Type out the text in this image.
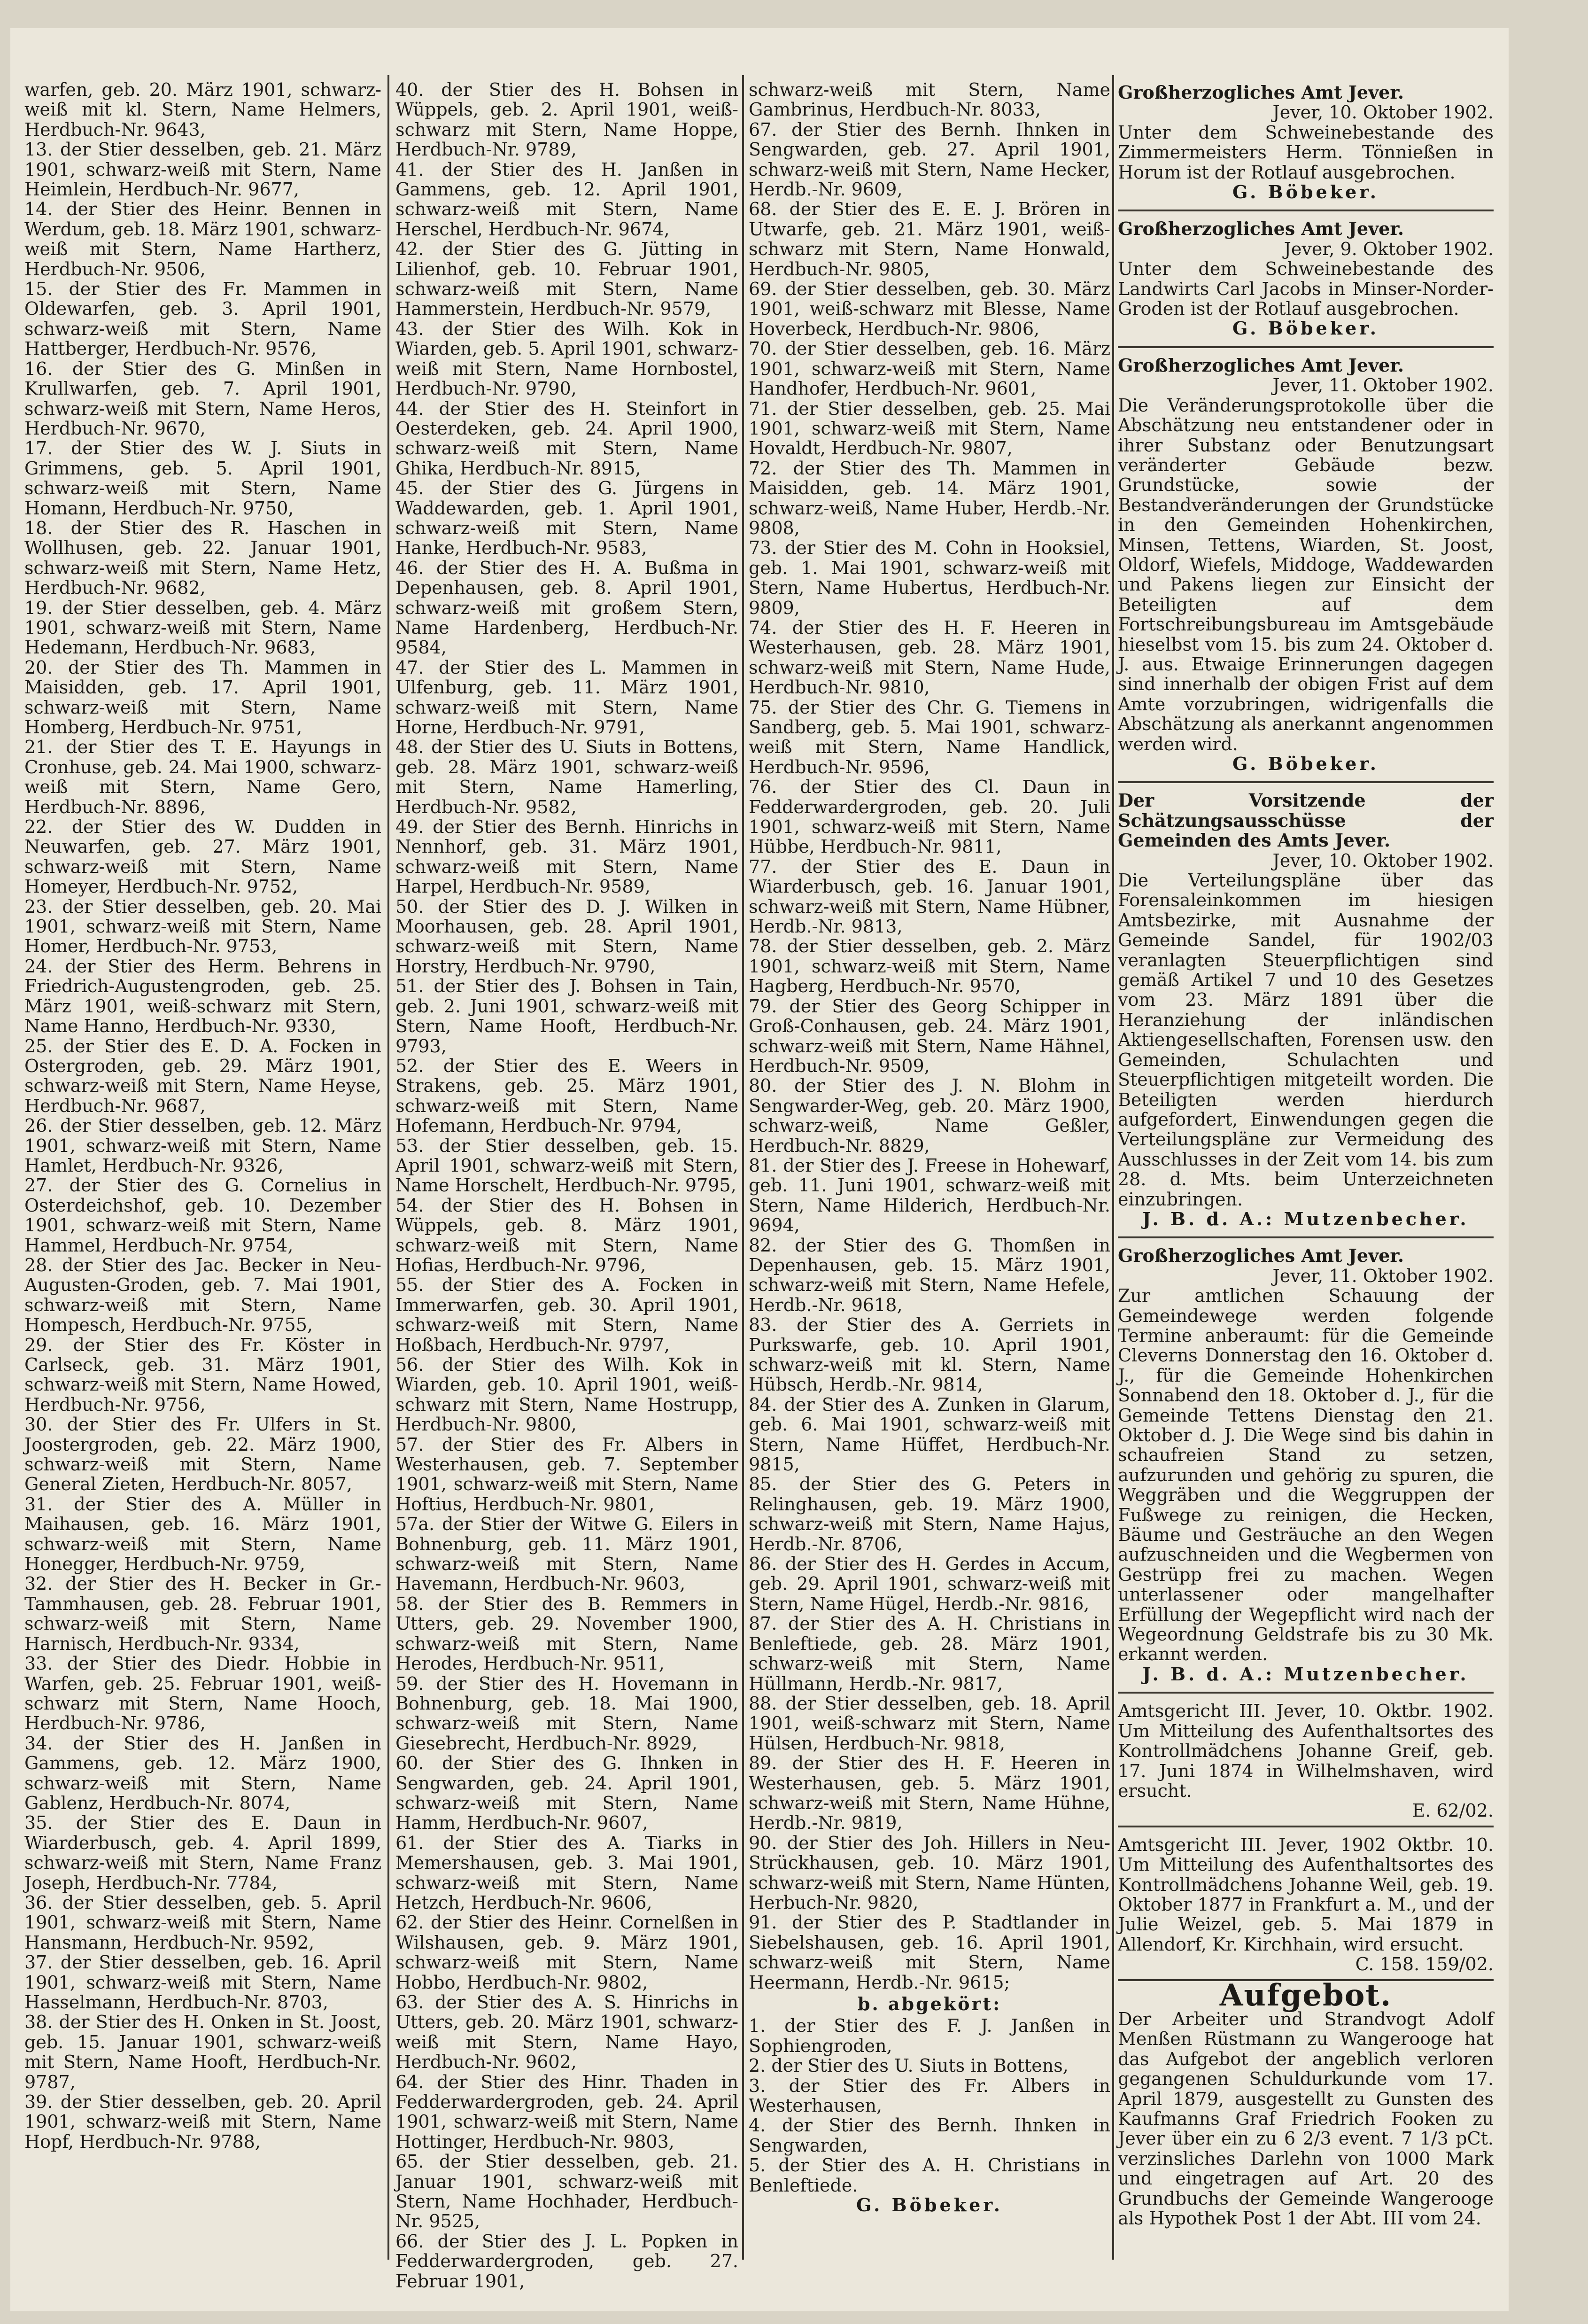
warfen, geb. 20. März 1901, schwarz-weiß mit kl. Stern, Name Helmers, Herdbuch-Nr. 9643,

13. der Stier desselben, geb. 21. März 1901, schwarz-weiß mit Stern, Name Heimlein, Herdbuch-Nr. 9677,

14. der Stier des Heinr. Bennen in Werdum, geb. 18. März 1901, schwarz-weiß mit Stern, Name Hartherz, Herdbuch-Nr. 9506,

15. der Stier des Fr. Mammen in Oldewarfen, geb. 3. April 1901, schwarz-weiß mit Stern, Name Hattberger, Herdbuch-Nr. 9576,

16. der Stier des G. Minßen in Krullwarfen, geb. 7. April 1901, schwarz-weiß mit Stern, Name Heros, Herdbuch-Nr. 9670,

17. der Stier des W. J. Siuts in Grimmens, geb. 5. April 1901, schwarz-weiß mit Stern, Name Homann, Herdbuch-Nr. 9750,

18. der Stier des R. Haschen in Wollhusen, geb. 22. Januar 1901, schwarz-weiß mit Stern, Name Hetz, Herdbuch-Nr. 9682,

19. der Stier desselben, geb. 4. März 1901, schwarz-weiß mit Stern, Name Hedemann, Herdbuch-Nr. 9683,

20. der Stier des Th. Mammen in Maisidden, geb. 17. April 1901, schwarz-weiß mit Stern, Name Homberg, Herdbuch-Nr. 9751,

21. der Stier des T. E. Hayungs in Cronhuse, geb. 24. Mai 1900, schwarz-weiß mit Stern, Name Gero, Herdbuch-Nr. 8896,

22. der Stier des W. Dudden in Neuwarfen, geb. 27. März 1901, schwarz-weiß mit Stern, Name Homeyer, Herdbuch-Nr. 9752,

23. der Stier desselben, geb. 20. Mai 1901, schwarz-weiß mit Stern, Name Homer, Herdbuch-Nr. 9753,

24. der Stier des Herm. Behrens in Friedrich-Augustengroden, geb. 25. März 1901, weiß-schwarz mit Stern, Name Hanno, Herdbuch-Nr. 9330,

25. der Stier des E. D. A. Focken in Ostergroden, geb. 29. März 1901, schwarz-weiß mit Stern, Name Heyse, Herdbuch-Nr. 9687,

26. der Stier desselben, geb. 12. März 1901, schwarz-weiß mit Stern, Name Hamlet, Herdbuch-Nr. 9326,

27. der Stier des G. Cornelius in Osterdeichshof, geb. 10. Dezember 1901, schwarz-weiß mit Stern, Name Hammel, Herdbuch-Nr. 9754,

28. der Stier des Jac. Becker in Neu-Augusten-Groden, geb. 7. Mai 1901, schwarz-weiß mit Stern, Name Hompesch, Herdbuch-Nr. 9755,

29. der Stier des Fr. Köster in Carlseck, geb. 31. März 1901, schwarz-weiß mit Stern, Name Howed, Herdbuch-Nr. 9756,

30. der Stier des Fr. Ulfers in St. Joostergroden, geb. 22. März 1900, schwarz-weiß mit Stern, Name General Zieten, Herdbuch-Nr. 8057,

31. der Stier des A. Müller in Maihausen, geb. 16. März 1901, schwarz-weiß mit Stern, Name Honegger, Herdbuch-Nr. 9759,

32. der Stier des H. Becker in Gr.-Tammhausen, geb. 28. Februar 1901, schwarz-weiß mit Stern, Name Harnisch, Herdbuch-Nr. 9334,

33. der Stier des Diedr. Hobbie in Warfen, geb. 25. Februar 1901, weiß-schwarz mit Stern, Name Hooch, Herdbuch-Nr. 9786,

34. der Stier des H. Janßen in Gammens, geb. 12. März 1900, schwarz-weiß mit Stern, Name Gablenz, Herdbuch-Nr. 8074,

35. der Stier des E. Daun in Wiarderbusch, geb. 4. April 1899, schwarz-weiß mit Stern, Name Franz Joseph, Herdbuch-Nr. 7784,

36. der Stier desselben, geb. 5. April 1901, schwarz-weiß mit Stern, Name Hansmann, Herdbuch-Nr. 9592,

37. der Stier desselben, geb. 16. April 1901, schwarz-weiß mit Stern, Name Hasselmann, Herdbuch-Nr. 8703,

38. der Stier des H. Onken in St. Joost, geb. 15. Januar 1901, schwarz-weiß mit Stern, Name Hooft, Herdbuch-Nr. 9787,

39. der Stier desselben, geb. 20. April 1901, schwarz-weiß mit Stern, Name Hopf, Herdbuch-Nr. 9788,

40. der Stier des H. Bohsen in Wüppels, geb. 2. April 1901, weiß-schwarz mit Stern, Name Hoppe, Herdbuch-Nr. 9789,

41. der Stier des H. Janßen in Gammens, geb. 12. April 1901, schwarz-weiß mit Stern, Name Herschel, Herdbuch-Nr. 9674,

42. der Stier des G. Jütting in Lilienhof, geb. 10. Februar 1901, schwarz-weiß mit Stern, Name Hammerstein, Herdbuch-Nr. 9579,

43. der Stier des Wilh. Kok in Wiarden, geb. 5. April 1901, schwarz-weiß mit Stern, Name Hornbostel, Herdbuch-Nr. 9790,

44. der Stier des H. Steinfort in Oesterdeken, geb. 24. April 1900, schwarz-weiß mit Stern, Name Ghika, Herdbuch-Nr. 8915,

45. der Stier des G. Jürgens in Waddewarden, geb. 1. April 1901, schwarz-weiß mit Stern, Name Hanke, Herdbuch-Nr. 9583,

46. der Stier des H. A. Bußma in Depenhausen, geb. 8. April 1901, schwarz-weiß mit großem Stern, Name Hardenberg, Herdbuch-Nr. 9584,

47. der Stier des L. Mammen in Ulfenburg, geb. 11. März 1901, schwarz-weiß mit Stern, Name Horne, Herdbuch-Nr. 9791,

48. der Stier des U. Siuts in Bottens, geb. 28. März 1901, schwarz-weiß mit Stern, Name Hamerling, Herdbuch-Nr. 9582,

49. der Stier des Bernh. Hinrichs in Nennhorf, geb. 31. März 1901, schwarz-weiß mit Stern, Name Harpel, Herdbuch-Nr. 9589,

50. der Stier des D. J. Wilken in Moorhausen, geb. 28. April 1901, schwarz-weiß mit Stern, Name Horstry, Herdbuch-Nr. 9790,

51. der Stier des J. Bohsen in Tain, geb. 2. Juni 1901, schwarz-weiß mit Stern, Name Hooft, Herdbuch-Nr. 9793,

52. der Stier des E. Weers in Strakens, geb. 25. März 1901, schwarz-weiß mit Stern, Name Hofemann, Herdbuch-Nr. 9794,

53. der Stier desselben, geb. 15. April 1901, schwarz-weiß mit Stern, Name Horschelt, Herdbuch-Nr. 9795,

54. der Stier des H. Bohsen in Wüppels, geb. 8. März 1901, schwarz-weiß mit Stern, Name Hofias, Herdbuch-Nr. 9796,

55. der Stier des A. Focken in Immerwarfen, geb. 30. April 1901, schwarz-weiß mit Stern, Name Hoßbach, Herdbuch-Nr. 9797,

56. der Stier des Wilh. Kok in Wiarden, geb. 10. April 1901, weiß-schwarz mit Stern, Name Hostrupp, Herdbuch-Nr. 9800,

57. der Stier des Fr. Albers in Westerhausen, geb. 7. September 1901, schwarz-weiß mit Stern, Name Hoftius, Herdbuch-Nr. 9801,

57a. der Stier der Witwe G. Eilers in Bohnenburg, geb. 11. März 1901, schwarz-weiß mit Stern, Name Havemann, Herdbuch-Nr. 9603,

58. der Stier des B. Remmers in Utters, geb. 29. November 1900, schwarz-weiß mit Stern, Name Herodes, Herdbuch-Nr. 9511,

59. der Stier des H. Hovemann in Bohnenburg, geb. 18. Mai 1900, schwarz-weiß mit Stern, Name Giesebrecht, Herdbuch-Nr. 8929,

60. der Stier des G. Ihnken in Sengwarden, geb. 24. April 1901, schwarz-weiß mit Stern, Name Hamm, Herdbuch-Nr. 9607,

61. der Stier des A. Tiarks in Memershausen, geb. 3. Mai 1901, schwarz-weiß mit Stern, Name Hetzch, Herdbuch-Nr. 9606,

62. der Stier des Heinr. Cornelßen in Wilshausen, geb. 9. März 1901, schwarz-weiß mit Stern, Name Hobbo, Herdbuch-Nr. 9802,

63. der Stier des A. S. Hinrichs in Utters, geb. 20. März 1901, schwarz-weiß mit Stern, Name Hayo, Herdbuch-Nr. 9602,

64. der Stier des Hinr. Thaden in Fedderwardergroden, geb. 24. April 1901, schwarz-weiß mit Stern, Name Hottinger, Herdbuch-Nr. 9803,

65. der Stier desselben, geb. 21. Januar 1901, schwarz-weiß mit Stern, Name Hochhader, Herdbuch-Nr. 9525,

66. der Stier des J. L. Popken in Fedderwardergroden, geb. 27. Februar 1901,

schwarz-weiß mit Stern, Name Gambrinus, Herdbuch-Nr. 8033,

67. der Stier des Bernh. Ihnken in Sengwarden, geb. 27. April 1901, schwarz-weiß mit Stern, Name Hecker, Herdb.-Nr. 9609,

68. der Stier des E. E. J. Brören in Utwarfe, geb. 21. März 1901, weiß-schwarz mit Stern, Name Honwald, Herdbuch-Nr. 9805,

69. der Stier desselben, geb. 30. März 1901, weiß-schwarz mit Blesse, Name Hoverbeck, Herdbuch-Nr. 9806,

70. der Stier desselben, geb. 16. März 1901, schwarz-weiß mit Stern, Name Handhofer, Herdbuch-Nr. 9601,

71. der Stier desselben, geb. 25. Mai 1901, schwarz-weiß mit Stern, Name Hovaldt, Herdbuch-Nr. 9807,

72. der Stier des Th. Mammen in Maisidden, geb. 14. März 1901, schwarz-weiß, Name Huber, Herdb.-Nr. 9808,

73. der Stier des M. Cohn in Hooksiel, geb. 1. Mai 1901, schwarz-weiß mit Stern, Name Hubertus, Herdbuch-Nr. 9809,

74. der Stier des H. F. Heeren in Westerhausen, geb. 28. März 1901, schwarz-weiß mit Stern, Name Hude, Herdbuch-Nr. 9810,

75. der Stier des Chr. G. Tiemens in Sandberg, geb. 5. Mai 1901, schwarz-weiß mit Stern, Name Handlick, Herdbuch-Nr. 9596,

76. der Stier des Cl. Daun in Fedderwardergroden, geb. 20. Juli 1901, schwarz-weiß mit Stern, Name Hübbe, Herdbuch-Nr. 9811,

77. der Stier des E. Daun in Wiarderbusch, geb. 16. Januar 1901, schwarz-weiß mit Stern, Name Hübner, Herdb.-Nr. 9813,

78. der Stier desselben, geb. 2. März 1901, schwarz-weiß mit Stern, Name Hagberg, Herdbuch-Nr. 9570,

79. der Stier des Georg Schipper in Groß-Conhausen, geb. 24. März 1901, schwarz-weiß mit Stern, Name Hähnel, Herdbuch-Nr. 9509,

80. der Stier des J. N. Blohm in Sengwarder-Weg, geb. 20. März 1900, schwarz-weiß, Name Geßler, Herdbuch-Nr. 8829,

81. der Stier des J. Freese in Hohewarf, geb. 11. Juni 1901, schwarz-weiß mit Stern, Name Hilderich, Herdbuch-Nr. 9694,

82. der Stier des G. Thomßen in Depenhausen, geb. 15. März 1901, schwarz-weiß mit Stern, Name Hefele, Herdb.-Nr. 9618,

83. der Stier des A. Gerriets in Purkswarfe, geb. 10. April 1901, schwarz-weiß mit kl. Stern, Name Hübsch, Herdb.-Nr. 9814,

84. der Stier des A. Zunken in Glarum, geb. 6. Mai 1901, schwarz-weiß mit Stern, Name Hüffet, Herdbuch-Nr. 9815,

85. der Stier des G. Peters in Relinghausen, geb. 19. März 1900, schwarz-weiß mit Stern, Name Hajus, Herdb.-Nr. 8706,

86. der Stier des H. Gerdes in Accum, geb. 29. April 1901, schwarz-weiß mit Stern, Name Hügel, Herdb.-Nr. 9816,

87. der Stier des A. H. Christians in Benleftiede, geb. 28. März 1901, schwarz-weiß mit Stern, Name Hüllmann, Herdb.-Nr. 9817,

88. der Stier desselben, geb. 18. April 1901, weiß-schwarz mit Stern, Name Hülsen, Herdbuch-Nr. 9818,

89. der Stier des H. F. Heeren in Westerhausen, geb. 5. März 1901, schwarz-weiß mit Stern, Name Hühne, Herdb.-Nr. 9819,

90. der Stier des Joh. Hillers in Neu-Strückhausen, geb. 10. März 1901, schwarz-weiß mit Stern, Name Hünten, Herbuch-Nr. 9820,

91. der Stier des P. Stadtlander in Siebelshausen, geb. 16. April 1901, schwarz-weiß mit Stern, Name Heermann, Herdb.-Nr. 9615;

b. abgekört:

1. der Stier des F. J. Janßen in Sophiengroden,

2. der Stier des U. Siuts in Bottens,

3. der Stier des Fr. Albers in Westerhausen,

4. der Stier des Bernh. Ihnken in Sengwarden,

5. der Stier des A. H. Christians in Benleftiede.

G. Böbeker.

Großherzogliches Amt Jever.

Jever, 10. Oktober 1902.

Unter dem Schweinebestande des Zimmermeisters Herm. Tönnießen in Horum ist der Rotlauf ausgebrochen.

G. Böbeker.

Großherzogliches Amt Jever.

Jever, 9. Oktober 1902.

Unter dem Schweinebestande des Landwirts Carl Jacobs in Minser-Norder-Groden ist der Rotlauf ausgebrochen.

G. Böbeker.

Großherzogliches Amt Jever.

Jever, 11. Oktober 1902.

Die Veränderungsprotokolle über die Abschätzung neu entstandener oder in ihrer Substanz oder Benutzungsart veränderter Gebäude bezw. Grundstücke, sowie der Bestandveränderungen der Grundstücke in den Gemeinden Hohenkirchen, Minsen, Tettens, Wiarden, St. Joost, Oldorf, Wiefels, Middoge, Waddewarden und Pakens liegen zur Einsicht der Beteiligten auf dem Fortschreibungsbureau im Amtsgebäude hieselbst vom 15. bis zum 24. Oktober d. J. aus. Etwaige Erinnerungen dagegen sind innerhalb der obigen Frist auf dem Amte vorzubringen, widrigenfalls die Abschätzung als anerkannt angenommen werden wird.

G. Böbeker.

Der Vorsitzende der Schätzungsausschüsse der Gemeinden des Amts Jever.

Jever, 10. Oktober 1902.

Die Verteilungspläne über das Forensaleinkommen im hiesigen Amtsbezirke, mit Ausnahme der Gemeinde Sandel, für 1902/03 veranlagten Steuerpflichtigen sind gemäß Artikel 7 und 10 des Gesetzes vom 23. März 1891 über die Heranziehung der inländischen Aktiengesellschaften, Forensen usw. den Gemeinden, Schulachten und Steuerpflichtigen mitgeteilt worden. Die Beteiligten werden hierdurch aufgefordert, Einwendungen gegen die Verteilungspläne zur Vermeidung des Ausschlusses in der Zeit vom 14. bis zum 28. d. Mts. beim Unterzeichneten einzubringen.

J. B. d. A.: Mutzenbecher.

Großherzogliches Amt Jever.

Jever, 11. Oktober 1902.

Zur amtlichen Schauung der Gemeindewege werden folgende Termine anberaumt: für die Gemeinde Cleverns Donnerstag den 16. Oktober d. J., für die Gemeinde Hohenkirchen Sonnabend den 18. Oktober d. J., für die Gemeinde Tettens Dienstag den 21. Oktober d. J. Die Wege sind bis dahin in schaufreien Stand zu setzen, aufzurunden und gehörig zu spuren, die Weggräben und die Weggruppen der Fußwege zu reinigen, die Hecken, Bäume und Gesträuche an den Wegen aufzuschneiden und die Wegbermen von Gestrüpp frei zu machen. Wegen unterlassener oder mangelhafter Erfüllung der Wegepflicht wird nach der Wegeordnung Geldstrafe bis zu 30 Mk. erkannt werden.

J. B. d. A.: Mutzenbecher.

Amtsgericht III. Jever, 10. Oktbr. 1902. Um Mitteilung des Aufenthaltsortes des Kontrollmädchens Johanne Greif, geb. 17. Juni 1874 in Wilhelmshaven, wird ersucht.

E. 62/02.

Amtsgericht III. Jever, 1902 Oktbr. 10. Um Mitteilung des Aufenthaltsortes des Kontrollmädchens Johanne Weil, geb. 19. Oktober 1877 in Frankfurt a. M., und der Julie Weizel, geb. 5. Mai 1879 in Allendorf, Kr. Kirchhain, wird ersucht.

C. 158. 159/02.

Aufgebot.

Der Arbeiter und Strandvogt Adolf Menßen Rüstmann zu Wangerooge hat das Aufgebot der angeblich verloren gegangenen Schuldurkunde vom 17. April 1879, ausgestellt zu Gunsten des Kaufmanns Graf Friedrich Fooken zu Jever über ein zu 6 2/3 event. 7 1/3 pCt. verzinsliches Darlehn von 1000 Mark und eingetragen auf Art. 20 des Grundbuchs der Gemeinde Wangerooge als Hypothek Post 1 der Abt. III vom 24.
